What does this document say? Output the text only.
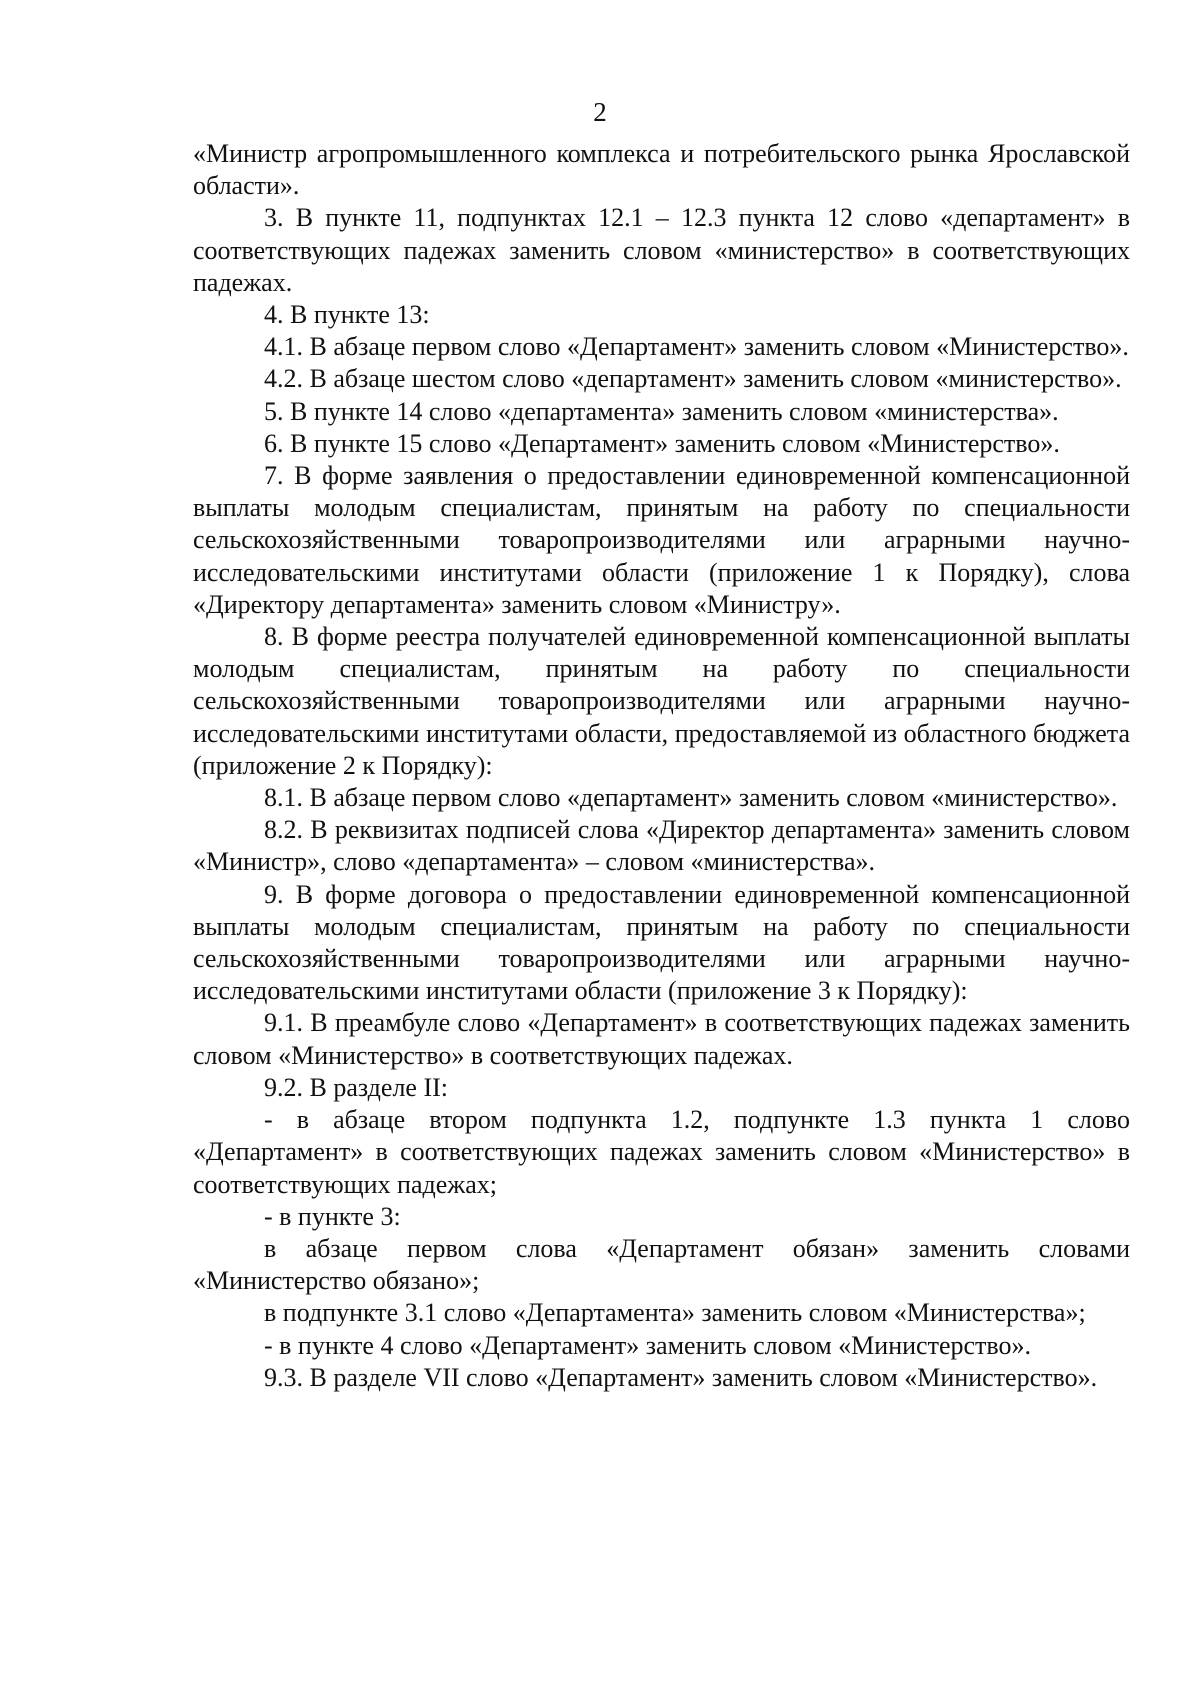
2

«Министр агропромышленного комплекса и потребительского рынка Ярославской области».

3. В пункте 11, подпунктах 12.1 – 12.3 пункта 12 слово «департамент» в соответствующих падежах заменить словом «министерство» в соответствующих падежах.

4. В пункте 13:

4.1. В абзаце первом слово «Департамент» заменить словом «Министерство».

4.2. В абзаце шестом слово «департамент» заменить словом «министерство».

5. В пункте 14 слово «департамента» заменить словом «министерства».

6. В пункте 15 слово «Департамент» заменить словом «Министерство».

7. В форме заявления о предоставлении единовременной компенсационной выплаты молодым специалистам, принятым на работу по специальности сельскохозяйственными товаропроизводителями или аграрными научно-исследовательскими институтами области (приложение 1 к Порядку), слова «Директору департамента» заменить словом «Министру».

8. В форме реестра получателей единовременной компенсационной выплаты молодым специалистам, принятым на работу по специальности сельскохозяйственными товаропроизводителями или аграрными научно-исследовательскими институтами области, предоставляемой из областного бюджета (приложение 2 к Порядку):

8.1. В абзаце первом слово «департамент» заменить словом «министерство».

8.2. В реквизитах подписей слова «Директор департамента» заменить словом «Министр», слово «департамента» – словом «министерства».

9. В форме договора о предоставлении единовременной компенсационной выплаты молодым специалистам, принятым на работу по специальности сельскохозяйственными товаропроизводителями или аграрными научно-исследовательскими институтами области (приложение 3 к Порядку):

9.1. В преамбуле слово «Департамент» в соответствующих падежах заменить словом «Министерство» в соответствующих падежах.

9.2. В разделе II:

- в абзаце втором подпункта 1.2, подпункте 1.3 пункта 1 слово «Департамент» в соответствующих падежах заменить словом «Министерство» в соответствующих падежах;

- в пункте 3:

в абзаце первом слова «Департамент обязан» заменить словами «Министерство обязано»;

в подпункте 3.1 слово «Департамента» заменить словом «Министерства»;

- в пункте 4 слово «Департамент» заменить словом «Министерство».

9.3. В разделе VII слово «Департамент» заменить словом «Министерство».
